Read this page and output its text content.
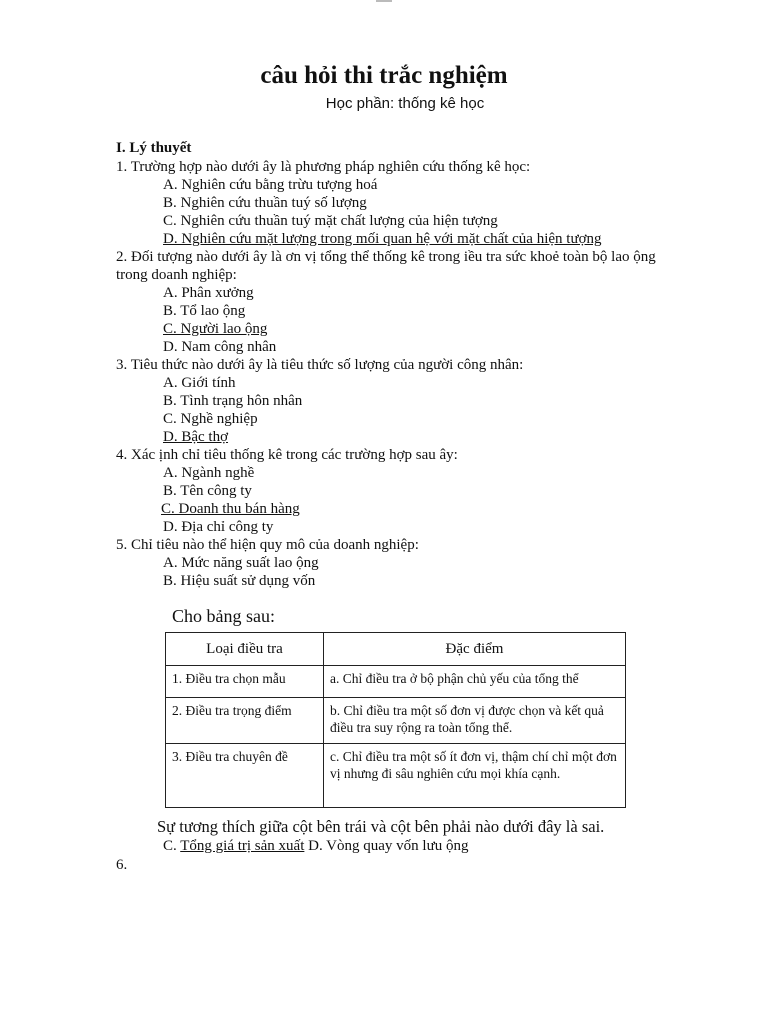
câu hỏi thi trắc nghiệm
Học phần: thống kê học
I. Lý thuyết
1. Trường hợp nào dưới ây là phương pháp nghiên cứu thống kê học:
A. Nghiên cứu bằng trừu tượng hoá
B. Nghiên cứu thuần tuý số lượng
C. Nghiên cứu thuần tuý mặt chất lượng của hiện tượng
D. Nghiên cứu mặt lượng trong mối quan hệ với mặt chất của hiện tượng
2. Đối tượng nào dưới ây là ơn vị tổng thể thống kê trong iều tra sức khoẻ toàn bộ lao ộng
trong doanh nghiệp:
A. Phân xưởng
B. Tổ lao ộng
C. Người lao ộng
D. Nam công nhân
3. Tiêu thức nào dưới ây là tiêu thức số lượng của người công nhân:
A. Giới tính
B. Tình trạng hôn nhân
C. Nghề nghiệp
D. Bậc thợ
4. Xác ịnh chỉ tiêu thống kê trong các trường hợp sau ây:
A. Ngành nghề
B. Tên công ty
C. Doanh thu bán hàng
D. Địa chỉ công ty
5. Chỉ tiêu nào thể hiện quy mô của doanh nghiệp:
A. Mức năng suất lao ộng
B. Hiệu suất sử dụng vốn
Cho bảng sau:
Loại điều tra	Đặc điểm
1. Điều tra chọn mẫu	a. Chỉ điều tra ở bộ phận chủ yếu của tổng thể
2. Điều tra trọng điểm	b. Chỉ điều tra một số đơn vị được chọn và kết quả điều tra suy rộng ra toàn tổng thể.
3. Điều tra chuyên đề	c. Chỉ điều tra một số ít đơn vị, thậm chí chỉ một đơn vị nhưng đi sâu nghiên cứu mọi khía cạnh.
Sự tương thích giữa cột bên trái và cột bên phải nào dưới đây là sai.
C. Tổng giá trị sản xuất D. Vòng quay vốn lưu ộng
6.
